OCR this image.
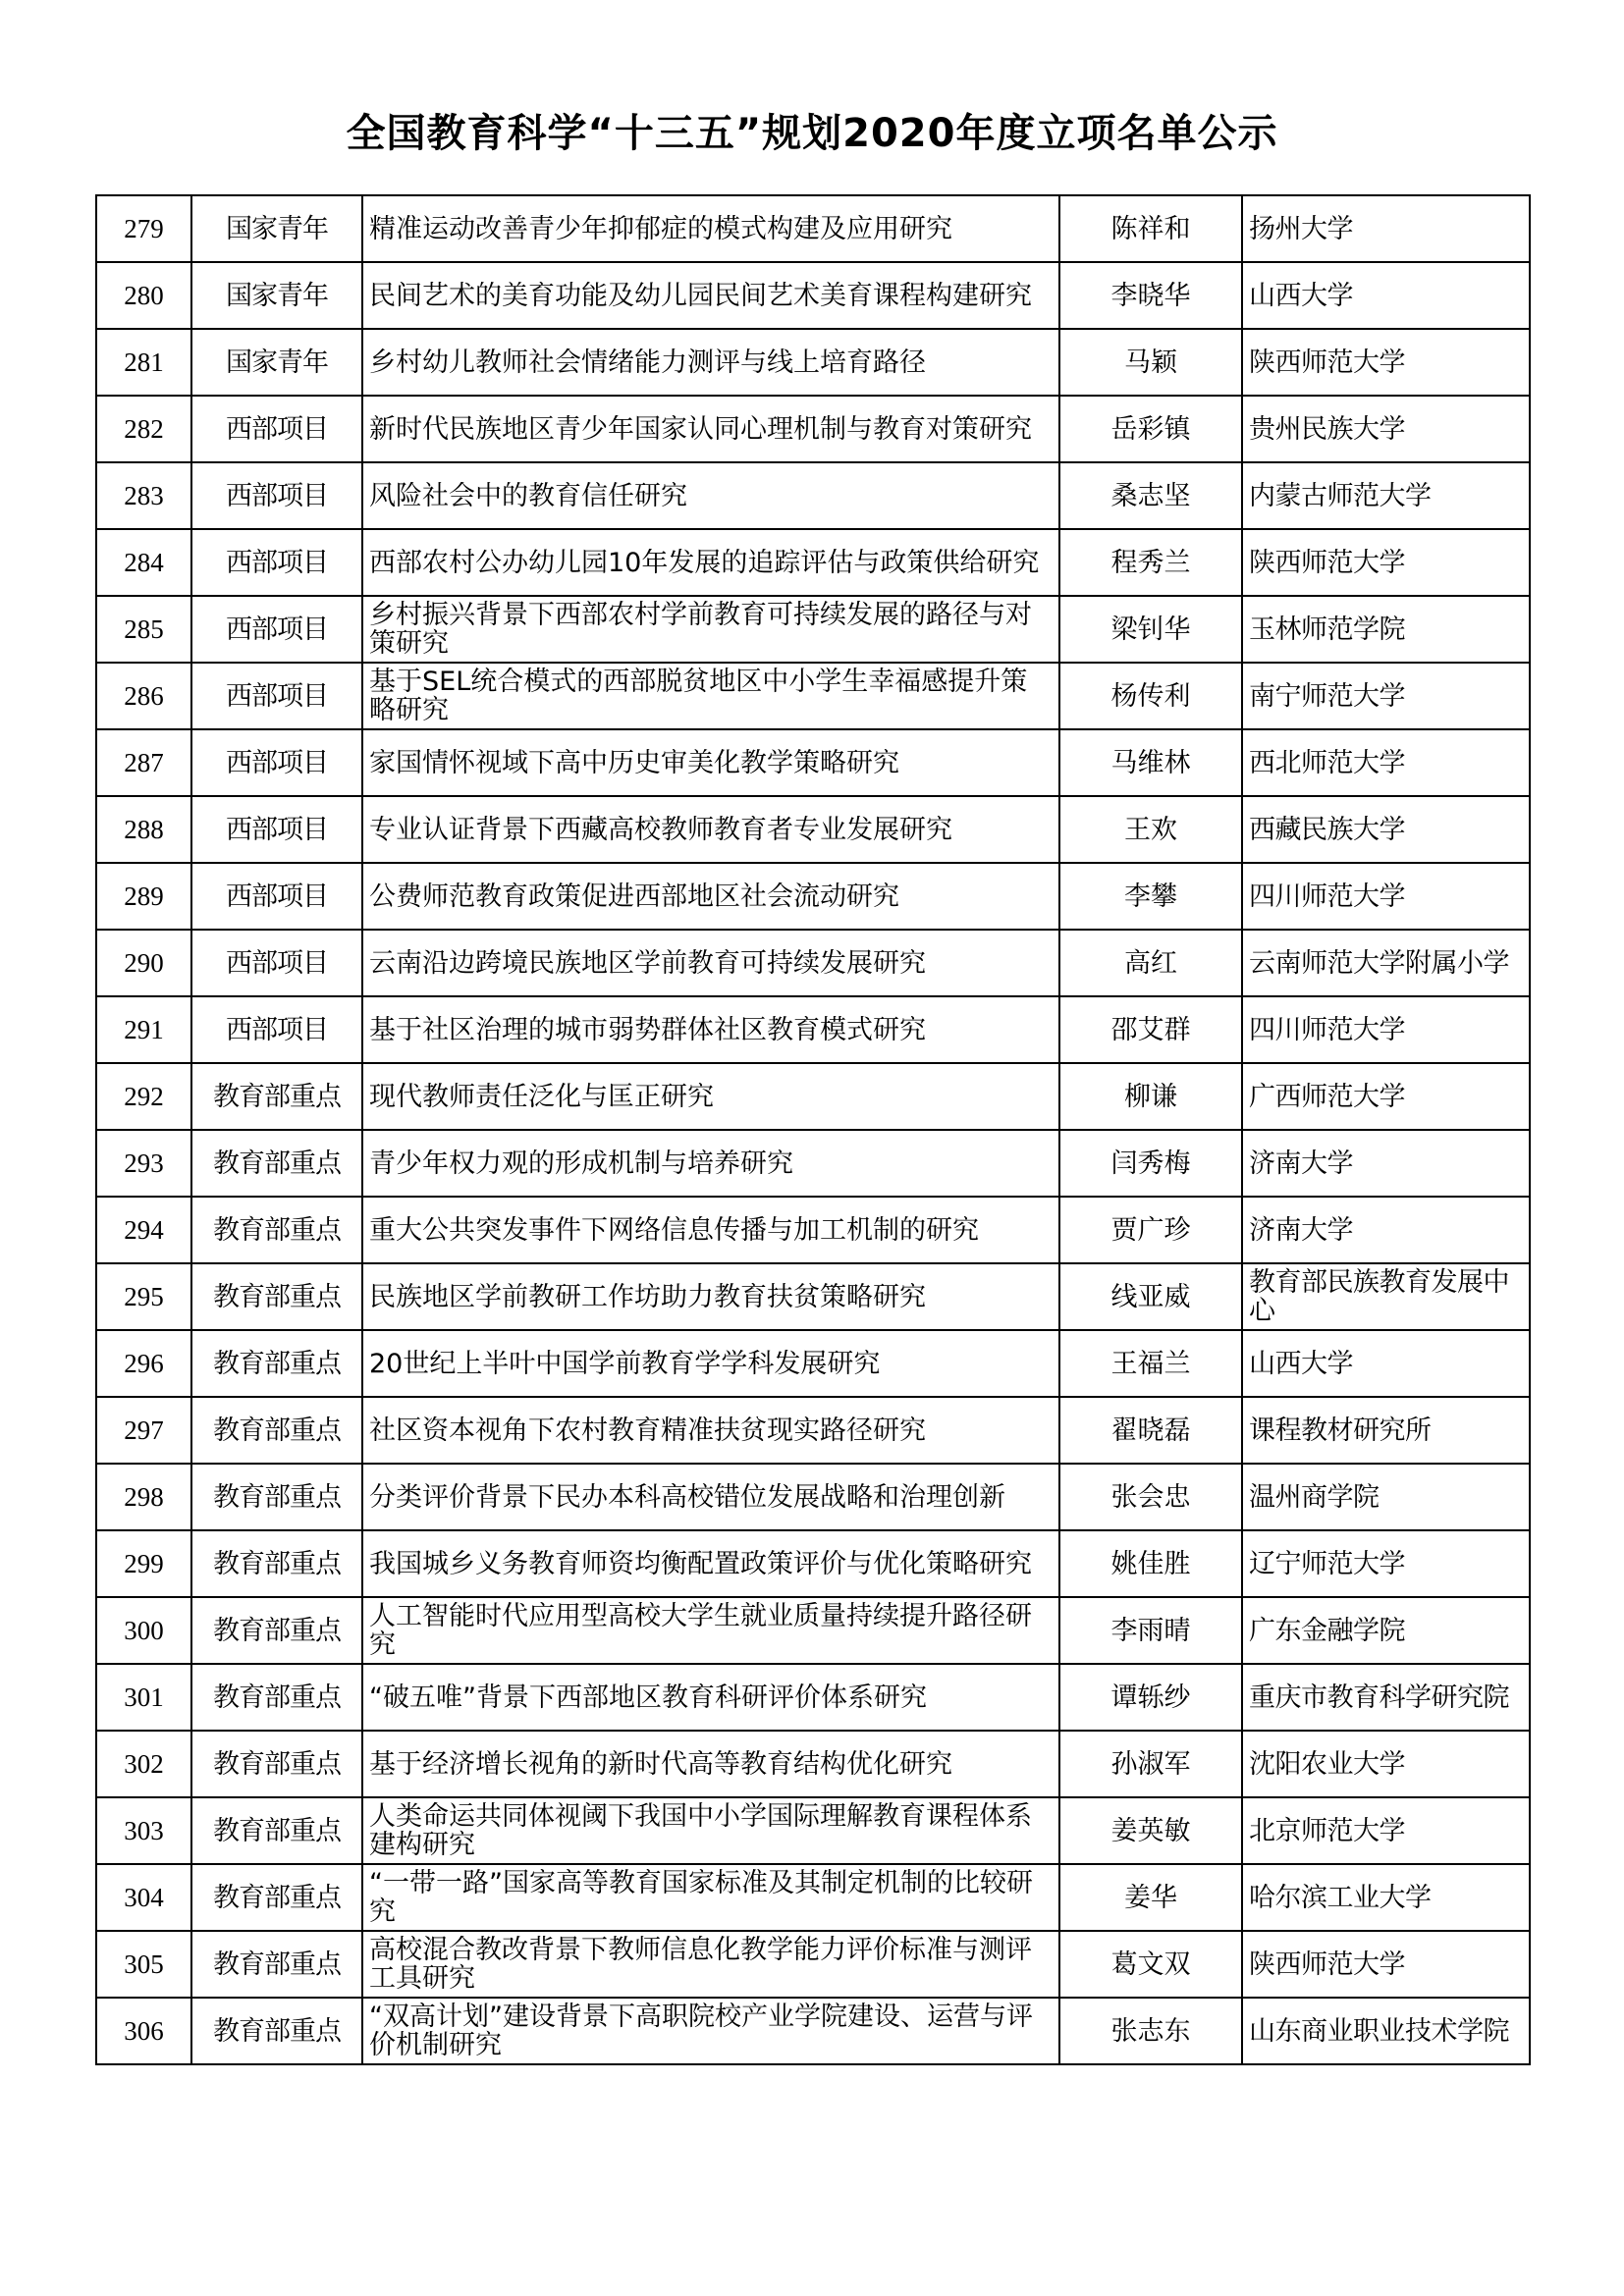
全国教育科学“十三五”规划2020年度立项名单公示
279	国家青年	精准运动改善青少年抑郁症的模式构建及应用研究	陈祥和	扬州大学
280	国家青年	民间艺术的美育功能及幼儿园民间艺术美育课程构建研究	李晓华	山西大学
281	国家青年	乡村幼儿教师社会情绪能力测评与线上培育路径	马颖	陕西师范大学
282	西部项目	新时代民族地区青少年国家认同心理机制与教育对策研究	岳彩镇	贵州民族大学
283	西部项目	风险社会中的教育信任研究	桑志坚	内蒙古师范大学
284	西部项目	西部农村公办幼儿园10年发展的追踪评估与政策供给研究	程秀兰	陕西师范大学
285	西部项目	乡村振兴背景下西部农村学前教育可持续发展的路径与对策研究	梁钊华	玉林师范学院
286	西部项目	基于SEL统合模式的西部脱贫地区中小学生幸福感提升策略研究	杨传利	南宁师范大学
287	西部项目	家国情怀视域下高中历史审美化教学策略研究	马维林	西北师范大学
288	西部项目	专业认证背景下西藏高校教师教育者专业发展研究	王欢	西藏民族大学
289	西部项目	公费师范教育政策促进西部地区社会流动研究	李攀	四川师范大学
290	西部项目	云南沿边跨境民族地区学前教育可持续发展研究	高红	云南师范大学附属小学
291	西部项目	基于社区治理的城市弱势群体社区教育模式研究	邵艾群	四川师范大学
292	教育部重点	现代教师责任泛化与匡正研究	柳谦	广西师范大学
293	教育部重点	青少年权力观的形成机制与培养研究	闫秀梅	济南大学
294	教育部重点	重大公共突发事件下网络信息传播与加工机制的研究	贾广珍	济南大学
295	教育部重点	民族地区学前教研工作坊助力教育扶贫策略研究	线亚威	教育部民族教育发展中心
296	教育部重点	20世纪上半叶中国学前教育学学科发展研究	王福兰	山西大学
297	教育部重点	社区资本视角下农村教育精准扶贫现实路径研究	翟晓磊	课程教材研究所
298	教育部重点	分类评价背景下民办本科高校错位发展战略和治理创新	张会忠	温州商学院
299	教育部重点	我国城乡义务教育师资均衡配置政策评价与优化策略研究	姚佳胜	辽宁师范大学
300	教育部重点	人工智能时代应用型高校大学生就业质量持续提升路径研究	李雨晴	广东金融学院
301	教育部重点	“破五唯”背景下西部地区教育科研评价体系研究	谭轹纱	重庆市教育科学研究院
302	教育部重点	基于经济增长视角的新时代高等教育结构优化研究	孙淑军	沈阳农业大学
303	教育部重点	人类命运共同体视阈下我国中小学国际理解教育课程体系建构研究	姜英敏	北京师范大学
304	教育部重点	“一带一路”国家高等教育国家标准及其制定机制的比较研究	姜华	哈尔滨工业大学
305	教育部重点	高校混合教改背景下教师信息化教学能力评价标准与测评工具研究	葛文双	陕西师范大学
306	教育部重点	“双高计划”建设背景下高职院校产业学院建设、运营与评价机制研究	张志东	山东商业职业技术学院
